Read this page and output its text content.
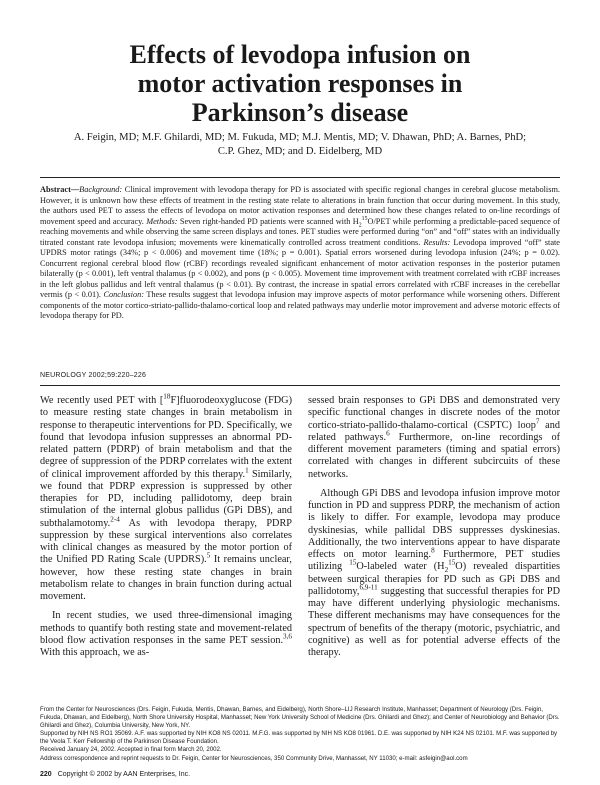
Effects of levodopa infusion on
motor activation responses in
Parkinson’s disease
A. Feigin, MD; M.F. Ghilardi, MD; M. Fukuda, MD; M.J. Mentis, MD; V. Dhawan, PhD; A. Barnes, PhD;
C.P. Ghez, MD; and D. Eidelberg, MD

Abstract—Background: Clinical improvement with levodopa therapy for PD is associated with specific regional changes in cerebral glucose metabolism. However, it is unknown how these effects of treatment in the resting state relate to alterations in brain function that occur during movement. In this study, the authors used PET to assess the effects of levodopa on motor activation responses and determined how these changes related to on-line recordings of movement speed and accuracy. Methods: Seven right-handed PD patients were scanned with $H_2^{15}O$/PET while performing a predictable-paced sequence of reaching movements and while observing the same screen displays and tones. PET studies were performed during “on” and “off” states with an individually titrated constant rate levodopa infusion; movements were kinematically controlled across treatment conditions. Results: Levodopa improved “off” state UPDRS motor ratings (34%; p < 0.006) and movement time (18%; p = 0.001). Spatial errors worsened during levodopa infusion (24%; p = 0.02). Concurrent regional cerebral blood flow (rCBF) recordings revealed significant enhancement of motor activation responses in the posterior putamen bilaterally (p < 0.001), left ventral thalamus (p < 0.002), and pons (p < 0.005). Movement time improvement with treatment correlated with rCBF increases in the left globus pallidus and left ventral thalamus (p < 0.01). By contrast, the increase in spatial errors correlated with rCBF increases in the cerebellar vermis (p < 0.01). Conclusion: These results suggest that levodopa infusion may improve aspects of motor performance while worsening others. Different components of the motor cortico-striato-pallido-thalamo-cortical loop and related pathways may underlie motor improvement and adverse motoric effects of levodopa therapy for PD.

NEUROLOGY 2002;59:220–226

We recently used PET with [$^{18}$F]fluorodeoxyglucose (FDG) to measure resting state changes in brain metabolism in response to therapeutic interventions for PD. Specifically, we found that levodopa infusion suppresses an abnormal PD-related pattern (PDRP) of brain metabolism and that the degree of suppression of the PDRP correlates with the extent of clinical improvement afforded by this therapy.$^1$ Similarly, we found that PDRP expression is suppressed by other therapies for PD, including pallidotomy, deep brain stimulation of the internal globus pallidus (GPi DBS), and subthalamotomy.$^{2-4}$ As with levodopa therapy, PDRP suppression by these surgical interventions also correlates with clinical changes as measured by the motor portion of the Unified PD Rating Scale (UPDRS).$^5$ It remains unclear, however, how these resting state changes in brain metabolism relate to changes in brain function during actual movement.

In recent studies, we used three-dimensional imaging methods to quantify both resting state and movement-related blood flow activation responses in the same PET session.$^{3,6}$ With this approach, we as-

sessed brain responses to GPi DBS and demonstrated very specific functional changes in discrete nodes of the motor cortico-striato-pallido-thalamo-cortical (CSPTC) loop$^7$ and related pathways.$^6$ Furthermore, on-line recordings of different movement parameters (timing and spatial errors) correlated with changes in different subcircuits of these networks.

Although GPi DBS and levodopa infusion improve motor function in PD and suppress PDRP, the mechanism of action is likely to differ. For example, levodopa may produce dyskinesias, while pallidal DBS suppresses dyskinesias. Additionally, the two interventions appear to have disparate effects on motor learning.$^8$ Furthermore, PET studies utilizing $^{15}$O-labeled water $(H_2^{15}O)$ revealed dispartities between surgical therapies for PD such as GPi DBS and pallidotomy,$^{6,9-11}$ suggesting that successful therapies for PD may have different underlying physiologic mechanisms. These different mechanisms may have consequences for the spectrum of benefits of the therapy (motoric, psychiatric, and cognitive) as well as for potential adverse effects of the therapy.

From the Center for Neurosciences (Drs. Feigin, Fukuda, Mentis, Dhawan, Barnes, and Eidelberg), North Shore–LIJ Research Institute, Manhasset; Department of Neurology (Drs. Feigin, Fukuda, Dhawan, and Eidelberg), North Shore University Hospital, Manhasset; New York University School of Medicine (Drs. Ghilardi and Ghez); and Center of Neurobiology and Behavior (Drs. Ghilardi and Ghez), Columbia University, New York, NY.

Supported by NIH NS RO1 35069. A.F. was supported by NIH KO8 NS 02011. M.F.G. was supported by NIH NS KO8 01961. D.E. was supported by NIH K24 NS 02101. M.F. was supported by the Veola T. Kerr Fellowship of the Parkinson Disease Foundation.

Received January 24, 2002. Accepted in final form March 20, 2002.

Address correspondence and reprint requests to Dr. Feigin, Center for Neurosciences, 350 Community Drive, Manhasset, NY 11030; e-mail: asfeigin@aol.com

220 Copyright © 2002 by AAN Enterprises, Inc.
